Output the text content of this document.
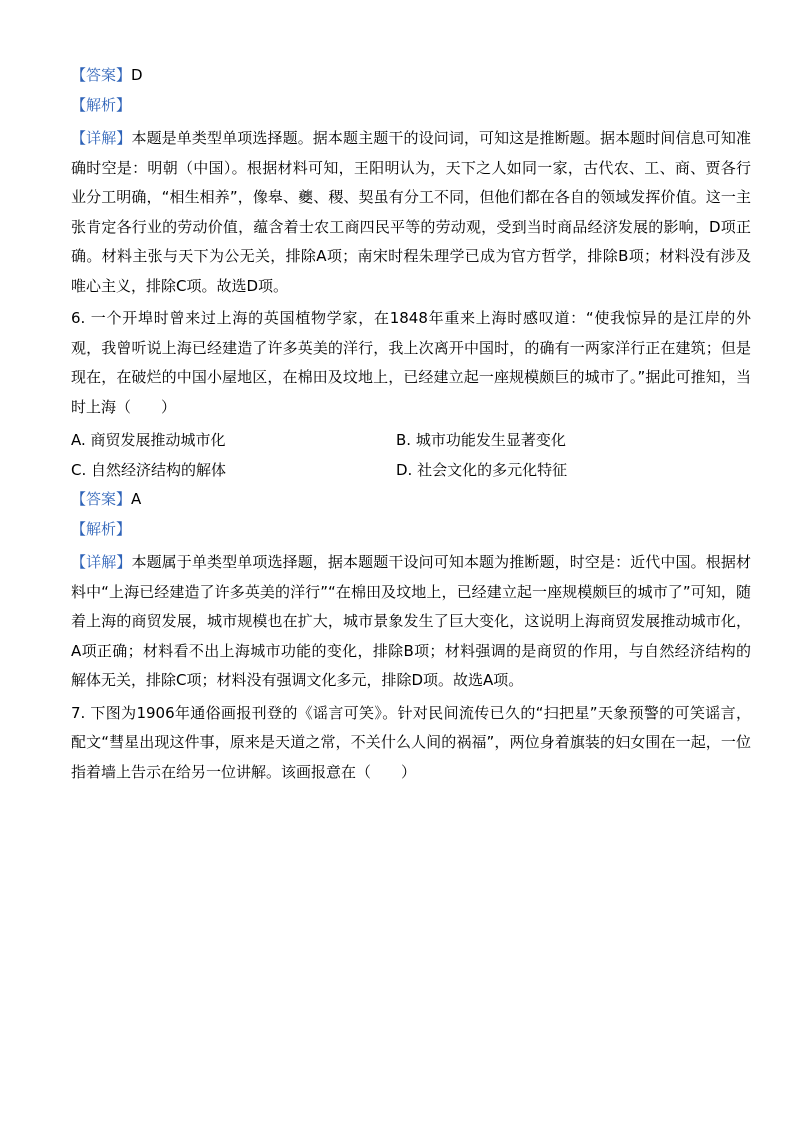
【答案】D
【解析】
【详解】本题是单类型单项选择题。据本题主题干的设问词，可知这是推断题。据本题时间信息可知准确时空是：明朝（中国）。根据材料可知，王阳明认为，天下之人如同一家，古代农、工、商、贾各行业分工明确，“相生相养”，像皋、夔、稷、契虽有分工不同，但他们都在各自的领域发挥价值。这一主张肯定各行业的劳动价值，蕴含着士农工商四民平等的劳动观，受到当时商品经济发展的影响，D项正确。材料主张与天下为公无关，排除A项；南宋时程朱理学已成为官方哲学，排除B项；材料没有涉及唯心主义，排除C项。故选D项。
6. 一个开埠时曾来过上海的英国植物学家，在1848年重来上海时感叹道：“使我惊异的是江岸的外观，我曾听说上海已经建造了许多英美的洋行，我上次离开中国时，的确有一两家洋行正在建筑；但是现在，在破烂的中国小屋地区，在棉田及坟地上，已经建立起一座规模颇巨的城市了。”据此可推知，当时上海（　　）
A. 商贸发展推动城市化	B. 城市功能发生显著变化
C. 自然经济结构的解体	D. 社会文化的多元化特征
【答案】A
【解析】
【详解】本题属于单类型单项选择题，据本题题干设问可知本题为推断题，时空是：近代中国。根据材料中“上海已经建造了许多英美的洋行”“在棉田及坟地上，已经建立起一座规模颇巨的城市了”可知，随着上海的商贸发展，城市规模也在扩大，城市景象发生了巨大变化，这说明上海商贸发展推动城市化，A项正确；材料看不出上海城市功能的变化，排除B项；材料强调的是商贸的作用，与自然经济结构的解体无关，排除C项；材料没有强调文化多元，排除D项。故选A项。
7. 下图为1906年通俗画报刊登的《谣言可笑》。针对民间流传已久的“扫把星”天象预警的可笑谣言，配文“彗星出现这件事，原来是天道之常，不关什么人间的祸福”，两位身着旗装的妇女围在一起，一位指着墙上告示在给另一位讲解。该画报意在（　　）
